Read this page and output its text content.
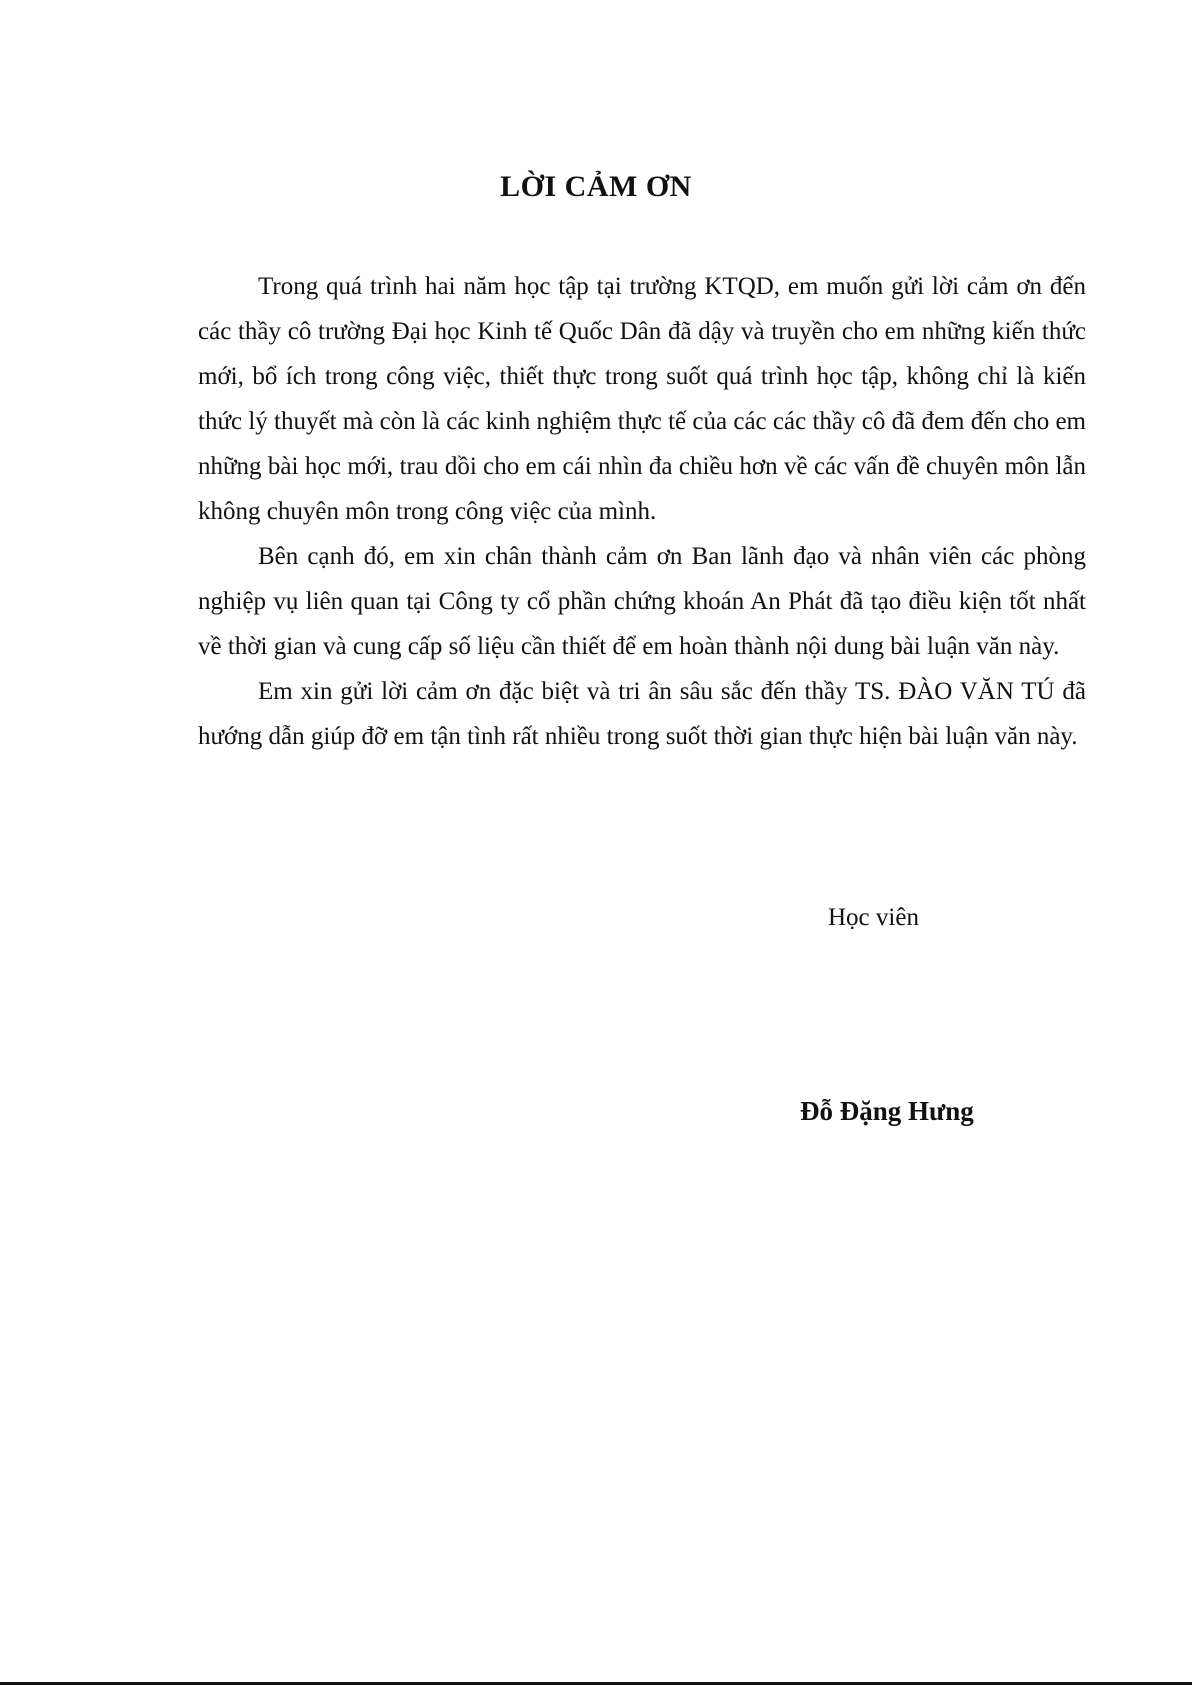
LỜI CẢM ƠN

Trong quá trình hai năm học tập tại trường KTQD, em muốn gửi lời cảm ơn đến các thầy cô trường Đại học Kinh tế Quốc Dân đã dậy và truyền cho em những kiến thức mới, bổ ích trong công việc, thiết thực trong suốt quá trình học tập, không chỉ là kiến thức lý thuyết mà còn là các kinh nghiệm thực tế của các các thầy cô đã đem đến cho em những bài học mới, trau dồi cho em cái nhìn đa chiều hơn về các vấn đề chuyên môn lẫn không chuyên môn trong công việc của mình.

Bên cạnh đó, em xin chân thành cảm ơn Ban lãnh đạo và nhân viên các phòng nghiệp vụ liên quan tại Công ty cổ phần chứng khoán An Phát đã tạo điều kiện tốt nhất về thời gian và cung cấp số liệu cần thiết để em hoàn thành nội dung bài luận văn này.

Em xin gửi lời cảm ơn đặc biệt và tri ân sâu sắc đến thầy TS. ĐÀO VĂN TÚ đã hướng dẫn giúp đỡ em tận tình rất nhiều trong suốt thời gian thực hiện bài luận văn này.

Học viên

Đỗ Đặng Hưng
